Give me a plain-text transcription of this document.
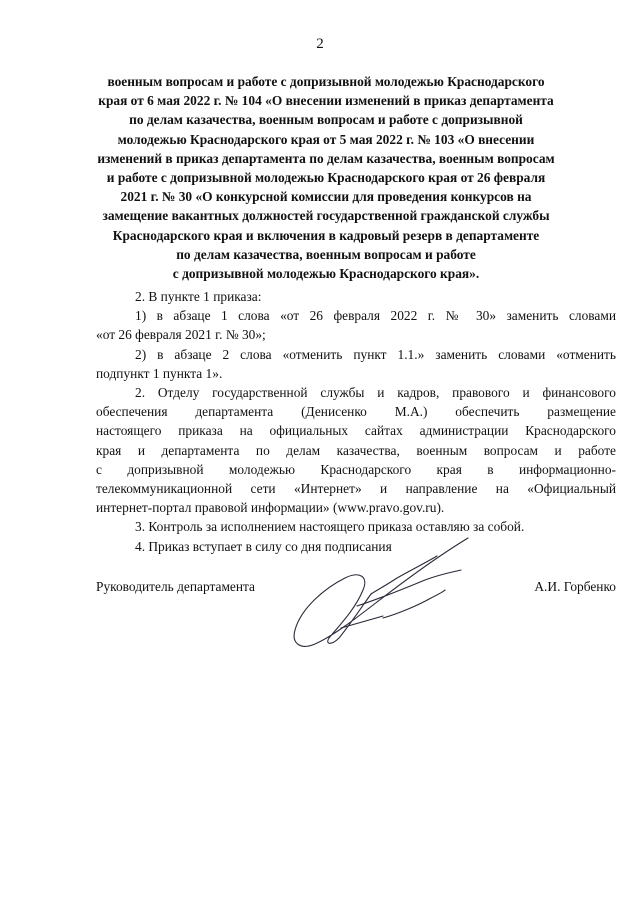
2
военным вопросам и работе с допризывной молодежью Краснодарского
края от 6 мая 2022 г. № 104 «О внесении изменений в приказ департамента
по делам казачества, военным вопросам и работе с допризывной
молодежью Краснодарского края от 5 мая 2022 г. № 103 «О внесении
изменений в приказ департамента по делам казачества, военным вопросам
и работе с допризывной молодежью Краснодарского края от 26 февраля
2021 г. № 30 «О конкурсной комиссии для проведения конкурсов на
замещение вакантных должностей государственной гражданской службы
Краснодарского края и включения в кадровый резерв в департаменте
по делам казачества, военным вопросам и работе
с допризывной молодежью Краснодарского края».

2. В пункте 1 приказа:

1) в абзаце 1 слова «от 26 февраля 2022 г. № 30» заменить словами
«от 26 февраля 2021 г. № 30»;

2) в абзаце 2 слова «отменить пункт 1.1.» заменить словами «отменить
подпункт 1 пункта 1».

2. Отделу государственной службы и кадров, правового и финансового
обеспечения департамента (Денисенко М.А.) обеспечить размещение
настоящего приказа на официальных сайтах администрации Краснодарского
края и департамента по делам казачества, военным вопросам и работе
с допризывной молодежью Краснодарского края в информационно-
телекоммуникационной сети «Интернет» и направление на «Официальный
интернет-портал правовой информации» (www.pravo.gov.ru).

3. Контроль за исполнением настоящего приказа оставляю за собой.

4. Приказ вступает в силу со дня подписания

Руководитель департамента	А.И. Горбенко
